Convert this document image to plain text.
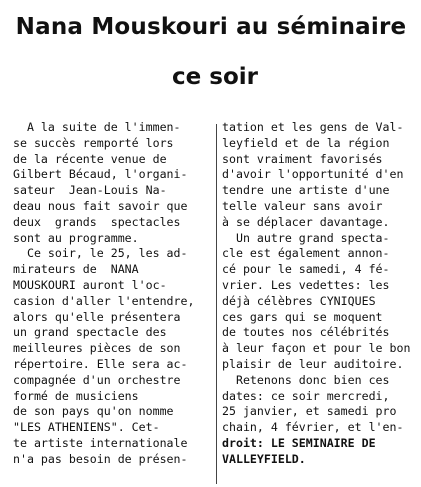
Nana Mouskouri au séminaire
ce soir
A la suite de l'immen-
se succès remporté lors
de la récente venue de
Gilbert Bécaud, l'organi-
sateur  Jean-Louis Na-
deau nous fait savoir que
deux  grands  spectacles
sont au programme.
Ce soir, le 25, les ad-
mirateurs de  NANA
MOUSKOURI auront l'oc-
casion d'aller l'entendre,
alors qu'elle présentera
un grand spectacle des
meilleures pièces de son
répertoire. Elle sera ac-
compagnée d'un orchestre
formé de musiciens
de son pays qu'on nomme
"LES ATHENIENS". Cet-
te artiste internationale
n'a pas besoin de présen-
tation et les gens de Val-
leyfield et de la région
sont vraiment favorisés
d'avoir l'opportunité d'en
tendre une artiste d'une
telle valeur sans avoir
à se déplacer davantage.
Un autre grand specta-
cle est également annon-
cé pour le samedi, 4 fé-
vrier. Les vedettes: les
déjà célèbres CYNIQUES
ces gars qui se moquent
de toutes nos célébrités
à leur façon et pour le bon
plaisir de leur auditoire.
Retenons donc bien ces
dates: ce soir mercredi,
25 janvier, et samedi pro
chain, 4 février, et l'en-
droit: LE SEMINAIRE DE
VALLEYFIELD.
